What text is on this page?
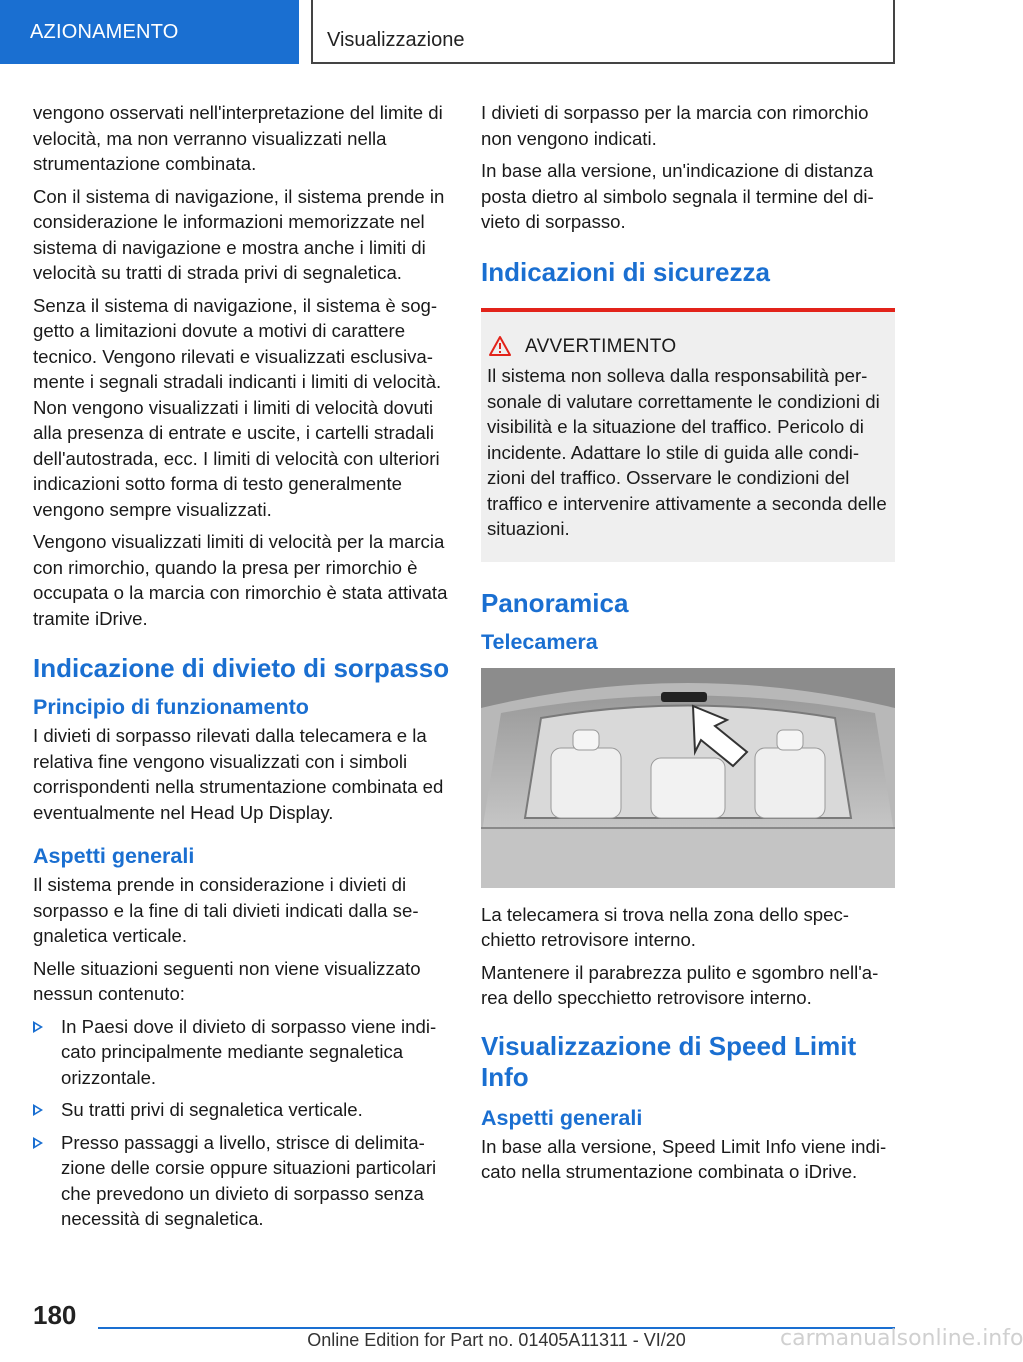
AZIONAMENTO	Visualizzazione

vengono osservati nell'interpretazione del limite di velocità, ma non verranno visualizzati nella strumentazione combinata.

Con il sistema di navigazione, il sistema prende in considerazione le informazioni memorizzate nel sistema di navigazione e mostra anche i limiti di velocità su tratti di strada privi di segnaletica.

Senza il sistema di navigazione, il sistema è soggetto a limitazioni dovute a motivi di carattere tecnico. Vengono rilevati e visualizzati esclusivamente i segnali stradali indicanti i limiti di velocità. Non vengono visualizzati i limiti di velocità dovuti alla presenza di entrate e uscite, i cartelli stradali dell'autostrada, ecc. I limiti di velocità con ulteriori indicazioni sotto forma di testo generalmente vengono sempre visualizzati.

Vengono visualizzati limiti di velocità per la marcia con rimorchio, quando la presa per rimorchio è occupata o la marcia con rimorchio è stata attivata tramite iDrive.

Indicazione di divieto di sorpasso
Principio di funzionamento

I divieti di sorpasso rilevati dalla telecamera e la relativa fine vengono visualizzati con i simboli corrispondenti nella strumentazione combinata ed eventualmente nel Head Up Display.

Aspetti generali

Il sistema prende in considerazione i divieti di sorpasso e la fine di tali divieti indicati dalla segnaletica verticale.

Nelle situazioni seguenti non viene visualizzato nessun contenuto:

In Paesi dove il divieto di sorpasso viene indicato principalmente mediante segnaletica orizzontale.
Su tratti privi di segnaletica verticale.
Presso passaggi a livello, strisce di delimitazione delle corsie oppure situazioni particolari che prevedono un divieto di sorpasso senza necessità di segnaletica.

I divieti di sorpasso per la marcia con rimorchio non vengono indicati.

In base alla versione, un'indicazione di distanza posta dietro al simbolo segnala il termine del divieto di sorpasso.

Indicazioni di sicurezza
AVVERTIMENTO
Il sistema non solleva dalla responsabilità personale di valutare correttamente le condizioni di visibilità e la situazione del traffico. Pericolo di incidente. Adattare lo stile di guida alle condizioni del traffico. Osservare le condizioni del traffico e intervenire attivamente a seconda delle situazioni.
Panoramica
Telecamera

La telecamera si trova nella zona dello specchietto retrovisore interno.

Mantenere il parabrezza pulito e sgombro nell'area dello specchietto retrovisore interno.

Visualizzazione di Speed Limit Info
Aspetti generali

In base alla versione, Speed Limit Info viene indicato nella strumentazione combinata o iDrive.

180
Online Edition for Part no. 01405A11311 - VI/20	carmanualsonline.info
